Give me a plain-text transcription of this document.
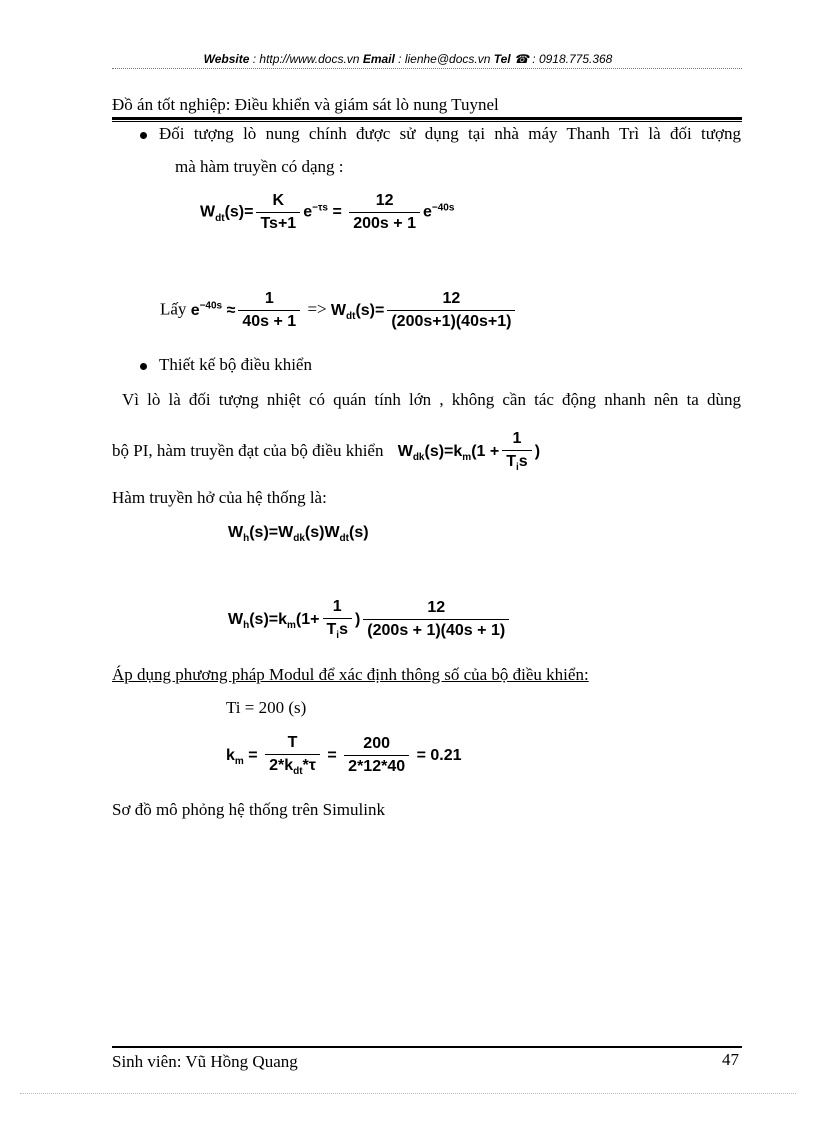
Website : http://www.docs.vn Email : lienhe@docs.vn Tel ☎ : 0918.775.368
Đồ án tốt nghiệp: Điều khiển và giám sát lò nung Tuynel
Đối tượng lò nung chính được sử dụng tại nhà máy Thanh Trì là đối tượng
mà hàm truyền có dạng :
$W_{dt}(s)= \frac{K}{Ts+1} e^{-\tau s} = \frac{12}{200s + 1} e^{-40s}$
Lấy $e^{-40s} \approx \frac{1}{40s + 1} => W_{dt}(s)= \frac{12}{(200s+1)(40s+1)}$
Thiết kế bộ điều khiển
Vì lò là đối tượng nhiệt có quán tính lớn , không cần tác động nhanh nên ta dùng
bộ PI, hàm truyền đạt của bộ điều khiển $W_{dk}(s)=k_m(1 + \frac{1}{T_is}$ )
Hàm truyền hở của hệ thống là:
$W_h(s)=W_{dk}(s)W_{dt}(s)$
$W_h(s)=k_m(1+ \frac{1}{T_is}$ ) $\frac{12}{(200s + 1)(40s + 1)}$
Áp dụng phương pháp Modul để xác định thông số của bộ điều khiển:
Ti = 200 (s)
$k_m = \frac{T}{2*k_{dt}*\tau} = \frac{200}{2*12*40} = 0.21$
Sơ đồ mô phỏng hệ thống trên Simulink
Sinh viên: Vũ Hồng Quang	47
